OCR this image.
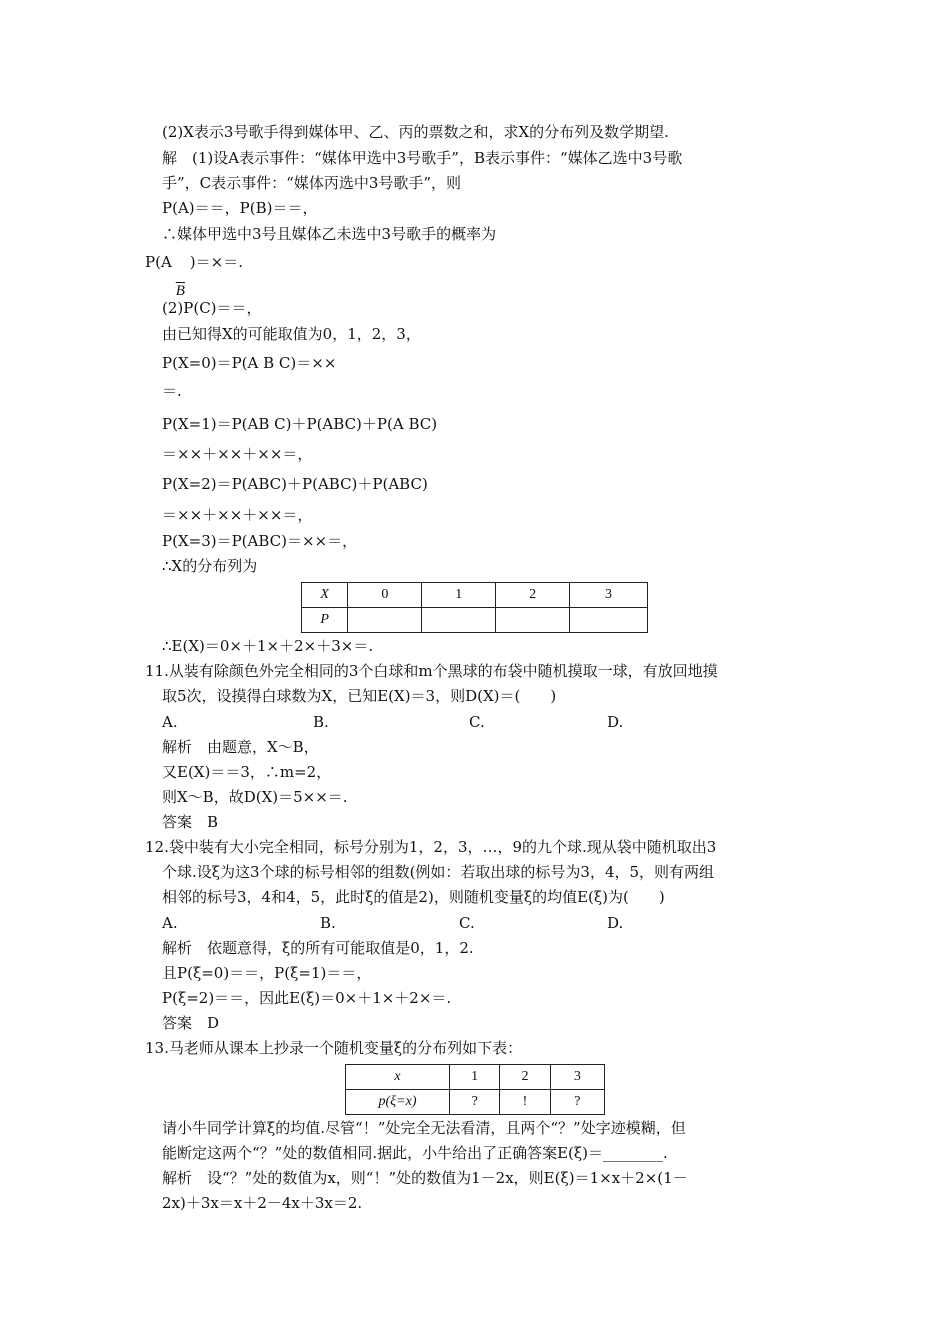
(2)X表示3号歌手得到媒体甲、乙、丙的票数之和，求X的分布列及数学期望.
解　(1)设A表示事件：“媒体甲选中3号歌手”，B表示事件：“媒体乙选中3号歌
手”，C表示事件：“媒体丙选中3号歌手”，则
P(A)＝＝，P(B)＝＝，
∴媒体甲选中3号且媒体乙未选中3号歌手的概率为
P(A
$\overline{B}$
)＝×＝.
(2)P(C)＝＝，
由已知得X的可能取值为0，1，2，3，
P(X=0)＝P(A B C)＝××
＝.
P(X=1)＝P(AB C)＋P(ABC)＋P(A BC)
＝××＋××＋××＝，
P(X=2)＝P(ABC)＋P(ABC)＋P(ABC)
＝××＋××＋××＝，
P(X=3)＝P(ABC)＝××＝，
∴X的分布列为
X	0	1	2	3
P				
∴E(X)＝0×＋1×＋2×＋3×＝.
11.从装有除颜色外完全相同的3个白球和m个黑球的布袋中随机摸取一球，有放回地摸
取5次，设摸得白球数为X，已知E(X)＝3，则D(X)＝(　　)
A.	B.	C.	D.
解析　由题意，X～B，
又E(X)＝＝3，∴m=2，
则X～B，故D(X)＝5××＝.
答案　B
12.袋中装有大小完全相同，标号分别为1，2，3，…，9的九个球.现从袋中随机取出3
个球.设ξ为这3个球的标号相邻的组数(例如：若取出球的标号为3，4，5，则有两组
相邻的标号3，4和4，5，此时ξ的值是2)，则随机变量ξ的均值E(ξ)为(　　)
A.	B.	C.	D.
解析　依题意得，ξ的所有可能取值是0，1，2.
且P(ξ=0)＝＝，P(ξ=1)＝＝，
P(ξ=2)＝＝，因此E(ξ)＝0×＋1×＋2×＝.
答案　D
13.马老师从课本上抄录一个随机变量ξ的分布列如下表：
x	1	2	3
p(ξ=x)	?	!	?
请小牛同学计算ξ的均值.尽管“！”处完全无法看清，且两个“？”处字迹模糊，但
能断定这两个“？”处的数值相同.据此，小牛给出了正确答案E(ξ)＝________.
解析　设“？”处的数值为x，则“！”处的数值为1－2x，则E(ξ)＝1×x＋2×(1－
2x)＋3x＝x＋2－4x＋3x＝2.
